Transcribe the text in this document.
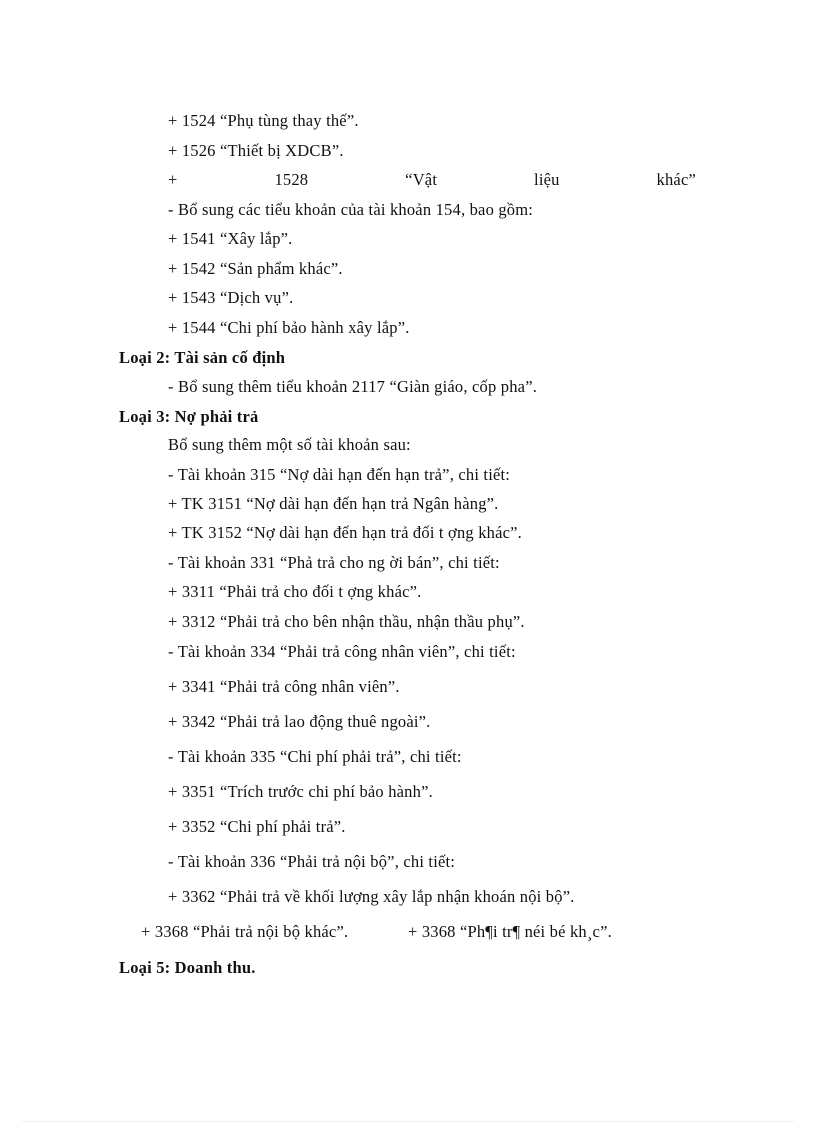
+ 1524 “Phụ tùng thay thế”.
+ 1526 “Thiết bị XDCB”.
+	1528	“Vật	liệu	khác”
- Bổ sung các tiểu khoản của tài khoản 154, bao gồm:
+ 1541 “Xây lắp”.
+ 1542 “Sản phẩm khác”.
+ 1543 “Dịch vụ”.
+ 1544 “Chi phí bảo hành xây lắp”.
Loại 2: Tài sản cố định
- Bổ sung thêm tiểu khoản 2117 “Giàn giáo, cốp pha”.
Loại 3: Nợ phải trả
Bổ sung thêm một số tài khoản sau:
- Tài khoản 315 “Nợ dài hạn đến hạn trả”, chi tiết:
+ TK 3151 “Nợ dài hạn đến hạn trả Ngân hàng”.
+ TK 3152 “Nợ dài hạn đến hạn trả đối t ợng khác”.
- Tài khoản 331 “Phả trả cho ng ời bán”, chi tiết:
+ 3311 “Phải trả cho đối t ợng khác”.
+ 3312 “Phải trả cho bên nhận thầu, nhận thầu phụ”.
- Tài khoản 334 “Phải trả công nhân viên”, chi tiết:
+ 3341 “Phải trả công nhân viên”.
+ 3342 “Phải trả lao động thuê ngoài”.
- Tài khoản 335 “Chi phí phải trả”, chi tiết:
+ 3351 “Trích trước chi phí bảo hành”.
+ 3352 “Chi phí phải trả”.
- Tài khoản 336 “Phải trả nội bộ”, chi tiết:
+ 3362 “Phải trả về khối lượng xây lắp nhận khoán nội bộ”.
+ 3368 “Phải trả nội bộ khác”.	+ 3368 “Ph¶i tr¶ néi bé kh¸c”.
Loại 5: Doanh thu.
